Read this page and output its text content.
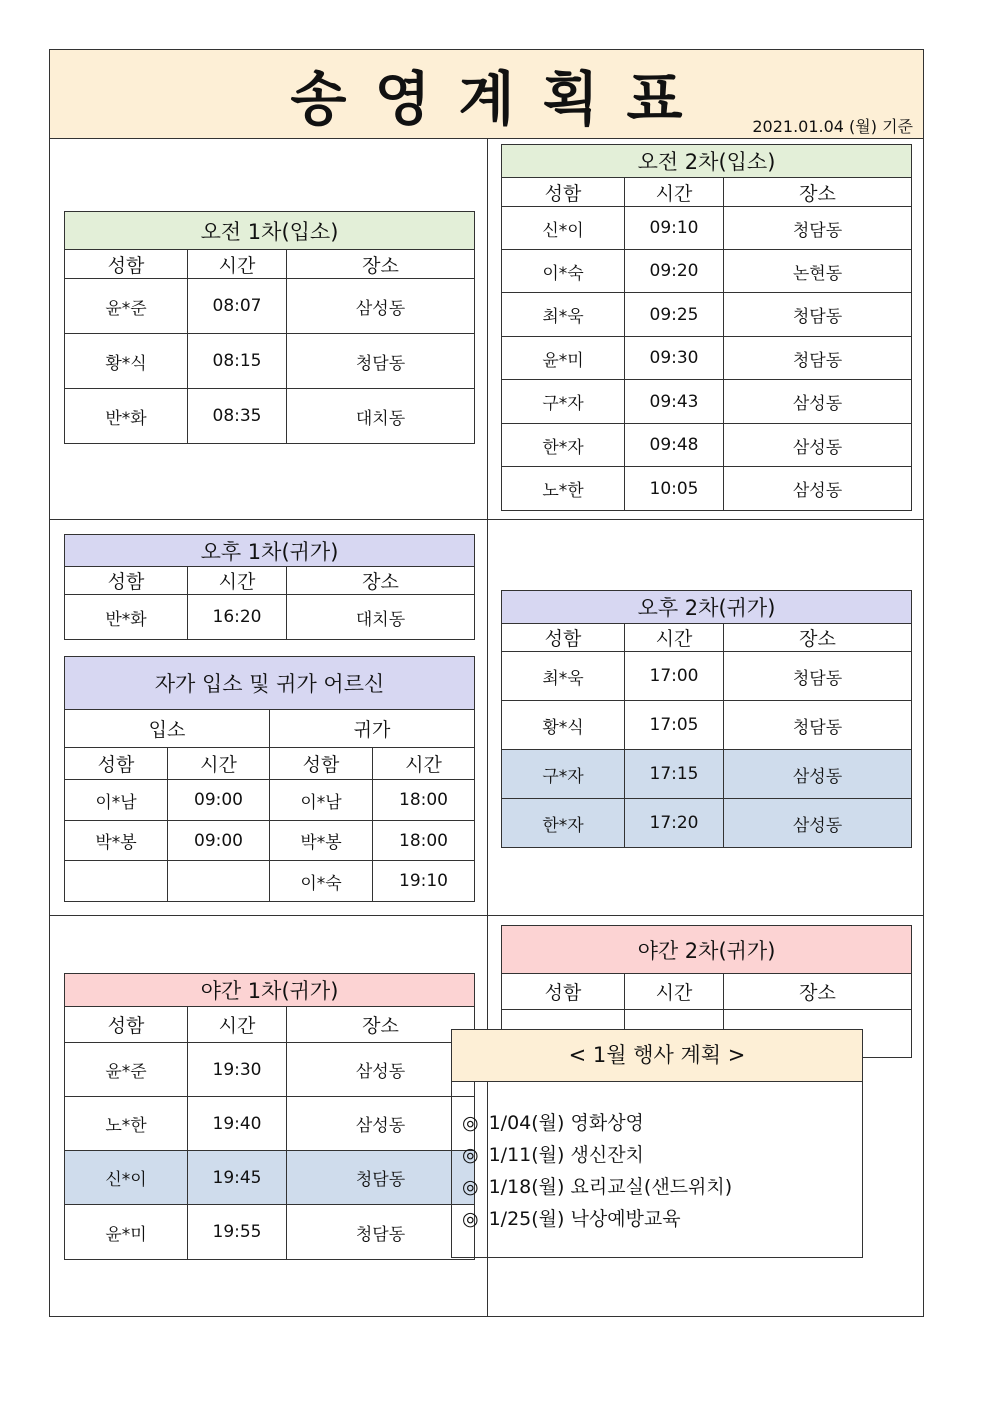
송 영 계 획 표	2021.01.04 (월) 기준
오전 1차(입소)		
성함	시간	장소
윤*준	08:07	삼성동
황*식	08:15	청담동
반*화	08:35	대치동
오전 2차(입소)		
성함	시간	장소
신*이	09:10	청담동
이*숙	09:20	논현동
최*욱	09:25	청담동
윤*미	09:30	청담동
구*자	09:43	삼성동
한*자	09:48	삼성동
노*한	10:05	삼성동
오후 1차(귀가)		
성함	시간	장소
반*화	16:20	대치동
자가 입소 및 귀가 어르신			
입소		귀가	
성함	시간	성함	시간
이*남	09:00	이*남	18:00
박*봉	09:00	박*봉	18:00
		이*숙	19:10
오후 2차(귀가)		
성함	시간	장소
최*욱	17:00	청담동
황*식	17:05	청담동
구*자	17:15	삼성동
한*자	17:20	삼성동
야간 1차(귀가)		
성함	시간	장소
윤*준	19:30	삼성동
노*한	19:40	삼성동
신*이	19:45	청담동
윤*미	19:55	청담동
야간 2차(귀가)		
성함	시간	장소

< 1월 행사 계획 >
◎ 1/04(월) 영화상영
◎ 1/11(월) 생신잔치
◎ 1/18(월) 요리교실(샌드위치)
◎ 1/25(월) 낙상예방교육
